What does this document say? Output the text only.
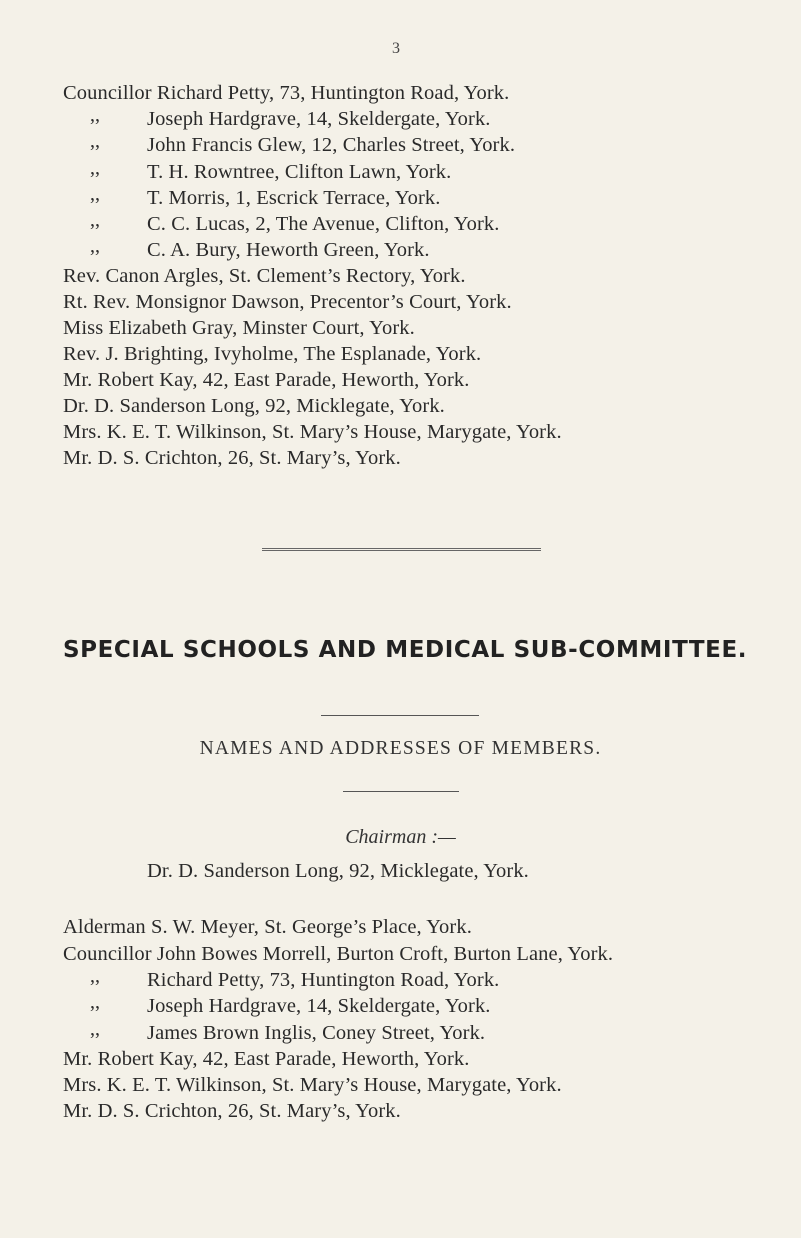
3
Councillor Richard Petty, 73, Huntington Road, York.
,, Joseph Hardgrave, 14, Skeldergate, York.
,, John Francis Glew, 12, Charles Street, York.
,, T. H. Rowntree, Clifton Lawn, York.
,, T. Morris, 1, Escrick Terrace, York.
,, C. C. Lucas, 2, The Avenue, Clifton, York.
,, C. A. Bury, Heworth Green, York.
Rev. Canon Argles, St. Clement’s Rectory, York.
Rt. Rev. Monsignor Dawson, Precentor’s Court, York.
Miss Elizabeth Gray, Minster Court, York.
Rev. J. Brighting, Ivyholme, The Esplanade, York.
Mr. Robert Kay, 42, East Parade, Heworth, York.
Dr. D. Sanderson Long, 92, Micklegate, York.
Mrs. K. E. T. Wilkinson, St. Mary’s House, Marygate, York.
Mr. D. S. Crichton, 26, St. Mary’s, York.
SPECIAL SCHOOLS AND MEDICAL SUB-COMMITTEE.
NAMES AND ADDRESSES OF MEMBERS.
Chairman :—
Dr. D. Sanderson Long, 92, Micklegate, York.
Alderman S. W. Meyer, St. George’s Place, York.
Councillor John Bowes Morrell, Burton Croft, Burton Lane, York.
,, Richard Petty, 73, Huntington Road, York.
,, Joseph Hardgrave, 14, Skeldergate, York.
,, James Brown Inglis, Coney Street, York.
Mr. Robert Kay, 42, East Parade, Heworth, York.
Mrs. K. E. T. Wilkinson, St. Mary’s House, Marygate, York.
Mr. D. S. Crichton, 26, St. Mary’s, York.
